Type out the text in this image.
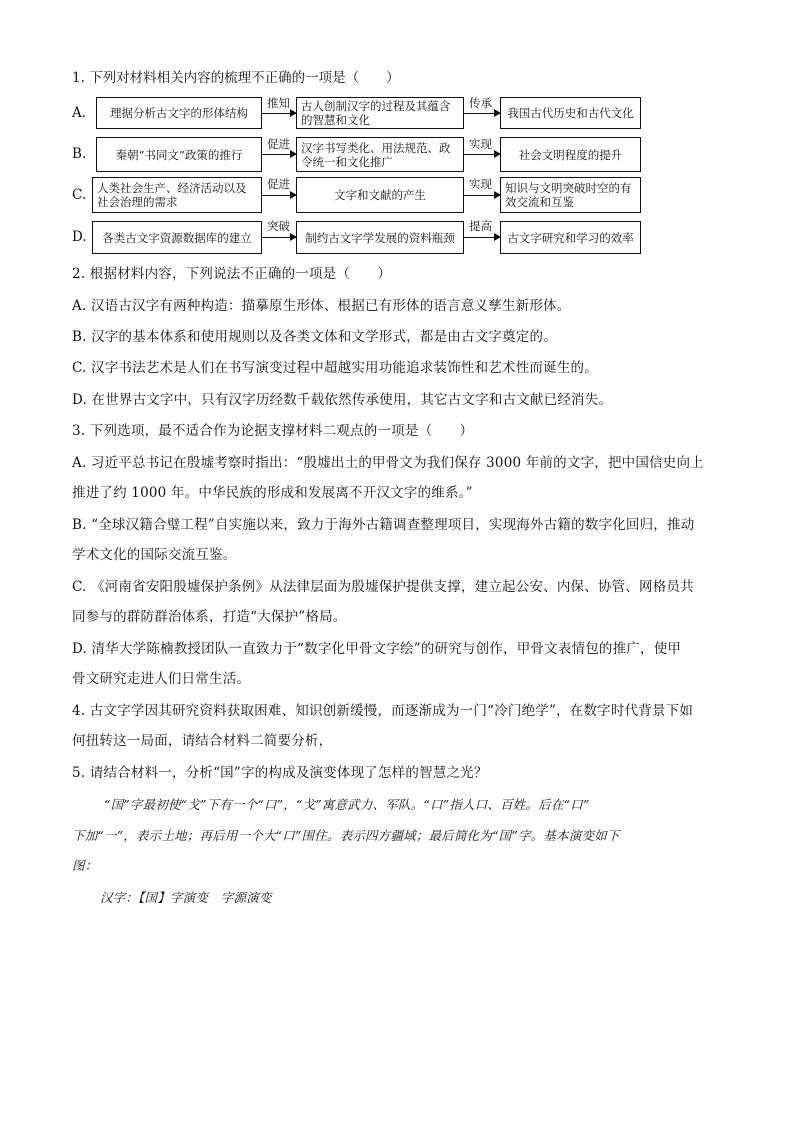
1. 下列对材料相关内容的梳理不正确的一项是（　　）
A. 理据分析古文字的形体结构
推知 古人创制汉字的过程及其蕴含的智慧和文化
传承
我国古代历史和古代文化
B.	秦朝“书同文”政策的推行
促进 汉字书写类化、用法规范、政令统一和文化推广
实现
社会文明程度的提升
C. 人类社会生产、经济活动以及社会治理的需求
促进
文字和文献的产生
实现 知识与文明突破时空的有效交流和互鉴
D. 各类古文字资源数据库的建立
突破
制约古文字学发展的资料瓶颈
提高
古文字研究和学习的效率
2. 根据材料内容，下列说法不正确的一项是（　　）
A. 汉语古汉字有两种构造：描摹原生形体、根据已有形体的语言意义孳生新形体。
B. 汉字的基本体系和使用规则以及各类文体和文学形式，都是由古文字奠定的。
C. 汉字书法艺术是人们在书写演变过程中超越实用功能追求装饰性和艺术性而诞生的。
D. 在世界古文字中，只有汉字历经数千载依然传承使用，其它古文字和古文献已经消失。
3. 下列选项，最不适合作为论据支撑材料二观点的一项是（　　）
A. 习近平总书记在殷墟考察时指出：“殷墟出土的甲骨文为我们保存 3000 年前的文字，把中国信史向上
推进了约 1000 年。中华民族的形成和发展离不开汉文字的维系。”
B. “全球汉籍合璧工程”自实施以来，致力于海外古籍调查整理项目，实现海外古籍的数字化回归，推动
学术文化的国际交流互鉴。
C. 《河南省安阳殷墟保护条例》从法律层面为殷墟保护提供支撑，建立起公安、内保、协管、网格员共
同参与的群防群治体系，打造“大保护”格局。
D. 清华大学陈楠教授团队一直致力于“数字化甲骨文字绘”的研究与创作，甲骨文表情包的推广，使甲
骨文研究走进人们日常生活。
4. 古文字学因其研究资料获取困难、知识创新缓慢，而逐渐成为一门“冷门绝学”，在数字时代背景下如
何扭转这一局面，请结合材料二简要分析，
5. 请结合材料一，分析“国”字的构成及演变体现了怎样的智慧之光？
“国”字最初使“戈”下有一个“口”，“戈”寓意武力、军队。“口”指人口、百姓。后在“口”
下加“一”，表示土地；再后用一个大“口”围住。表示四方疆域；最后简化为“国”字。基本演变如下
图：
汉字：【国】字演变　字源演变
